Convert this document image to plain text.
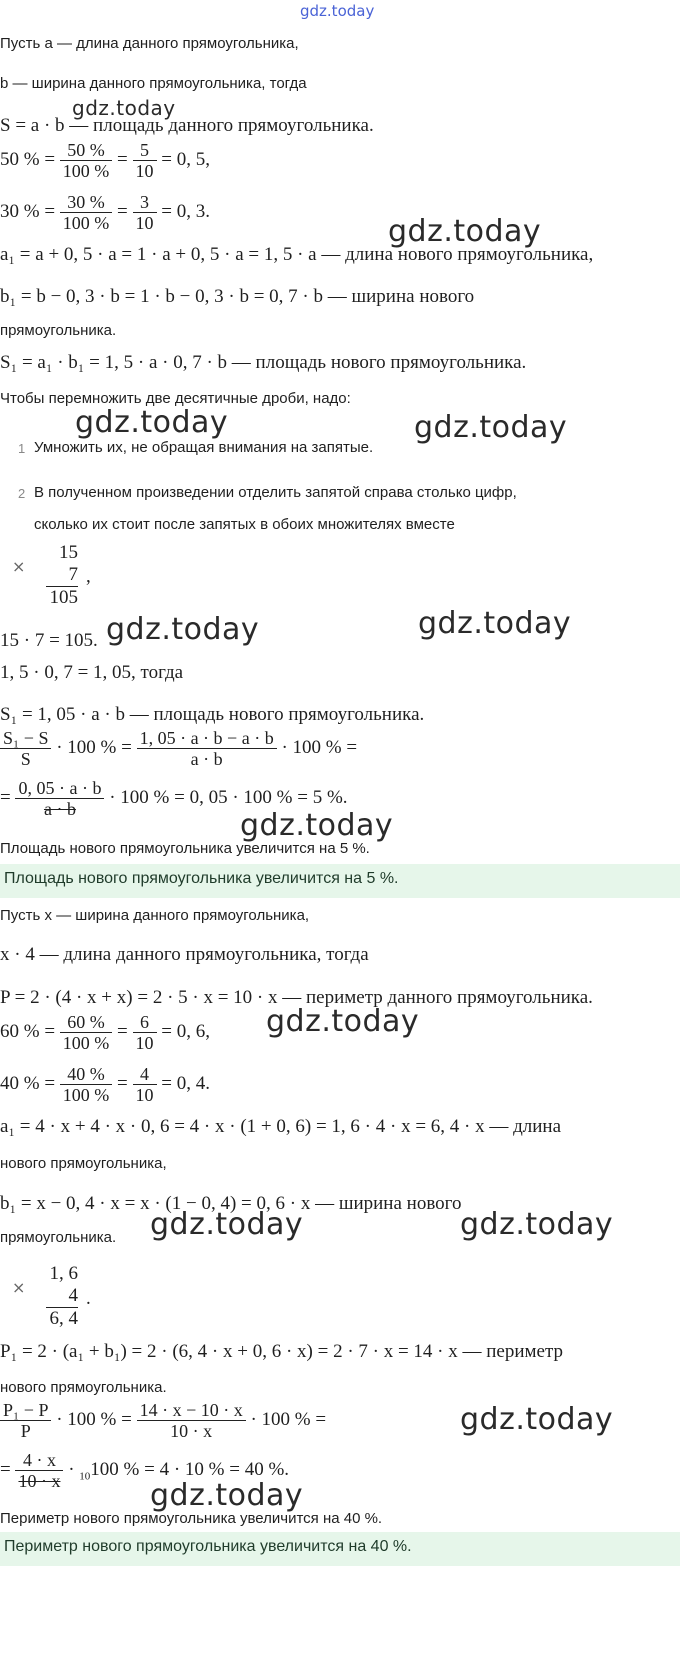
gdz.today
Пусть a — длина данного прямоугольника,
b — ширина данного прямоугольника, тогда
S = a · b — площадь данного прямоугольника.
50 % = $\frac{50 \%}{100 \%} = \frac{5}{10} = 0$, 5,
30 % = $\frac{30 \%}{100 \%} = \frac{3}{10} = 0$, 3.
a₁ = a + 0, 5 · a = 1 · a + 0, 5 · a = 1, 5 · a — длина нового прямоугольника,
b₁ = b − 0, 3 · b = 1 · b − 0, 3 · b = 0, 7 · b — ширина нового
прямоугольника.
S₁ = a₁ · b₁ = 1, 5 · a · 0, 7 · b — площадь нового прямоугольника.
Чтобы перемножить две десятичные дроби, надо:
1 Умножить их, не обращая внимания на запятые.
2 В полученном произведении отделить запятой справа столько цифр,
сколько их стоит после запятых в обоих множителях вместе
×
15
7
105
,
15 · 7 = 105.
1, 5 · 0, 7 = 1, 05, тогда
S₁ = 1, 05 · a · b — площадь нового прямоугольника.
$\frac{\text{S₁ − S}}{S} \cdot 100$ % = $\frac{1, 05 \cdot a \cdot b - a \cdot b}{a \cdot b} \cdot 100$ % =
= $\frac{0, 05 \cdot a \cdot b}{a \cdot b} \cdot 100$ % = 0, 05 · 100 % = 5 %.
Площадь нового прямоугольника увеличится на 5 %.
Площадь нового прямоугольника увеличится на 5 %.
Пусть x — ширина данного прямоугольника,
x · 4 — длина данного прямоугольника, тогда
P = 2 · (4 · x + x) = 2 · 5 · x = 10 · x — периметр данного прямоугольника.
60 % = $\frac{60 \%}{100 \%} = \frac{6}{10} = 0$, 6,
40 % = $\frac{40 \%}{100 \%} = \frac{4}{10} = 0$, 4.
a₁ = 4 · x + 4 · x · 0, 6 = 4 · x · (1 + 0, 6) = 1, 6 · 4 · x = 6, 4 · x — длина
нового прямоугольника,
b₁ = x − 0, 4 · x = x · (1 − 0, 4) = 0, 6 · x — ширина нового
прямоугольника.
×
1, 6
4
6, 4
.
P₁ = 2 · (a₁ + b₁) = 2 · (6, 4 · x + 0, 6 · x) = 2 · 7 · x = 14 · x — периметр
нового прямоугольника.
$\frac{\text{P₁ − P}}{P} \cdot 100$ % = $\frac{14 \cdot x - 10 \cdot x}{10 \cdot x} \cdot 100$ % =
= $\frac{4 \cdot x}{10 \cdot x} \cdot _{10}100$ % = 4 · 10 % = 40 %.
Периметр нового прямоугольника увеличится на 40 %.
Периметр нового прямоугольника увеличится на 40 %.
gdz.today
gdz.today
gdz.today	gdz.today
gdz.today	gdz.today
gdz.today
gdz.today
gdz.today	gdz.today
gdz.today
gdz.today
